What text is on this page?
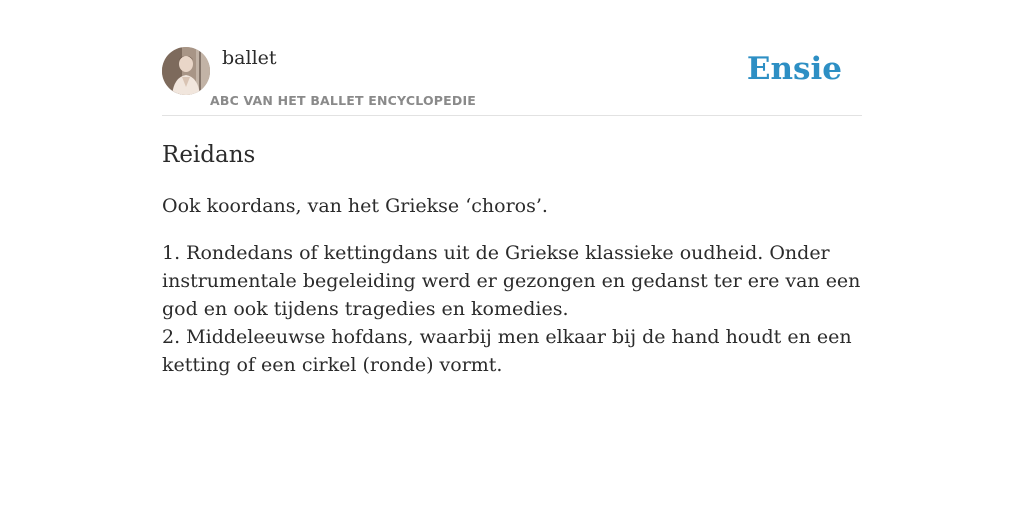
ballet
ABC VAN HET BALLET ENCYCLOPEDIE
Ensie
Reidans

Ook koordans, van het Griekse ‘choros’.

1. Rondedans of kettingdans uit de Griekse klassieke oudheid. Onder instrumentale begeleiding werd er gezongen en gedanst ter ere van een god en ook tijdens tragedies en komedies.
2. Middeleeuwse hofdans, waarbij men elkaar bij de hand houdt en een ketting of een cirkel (ronde) vormt.
